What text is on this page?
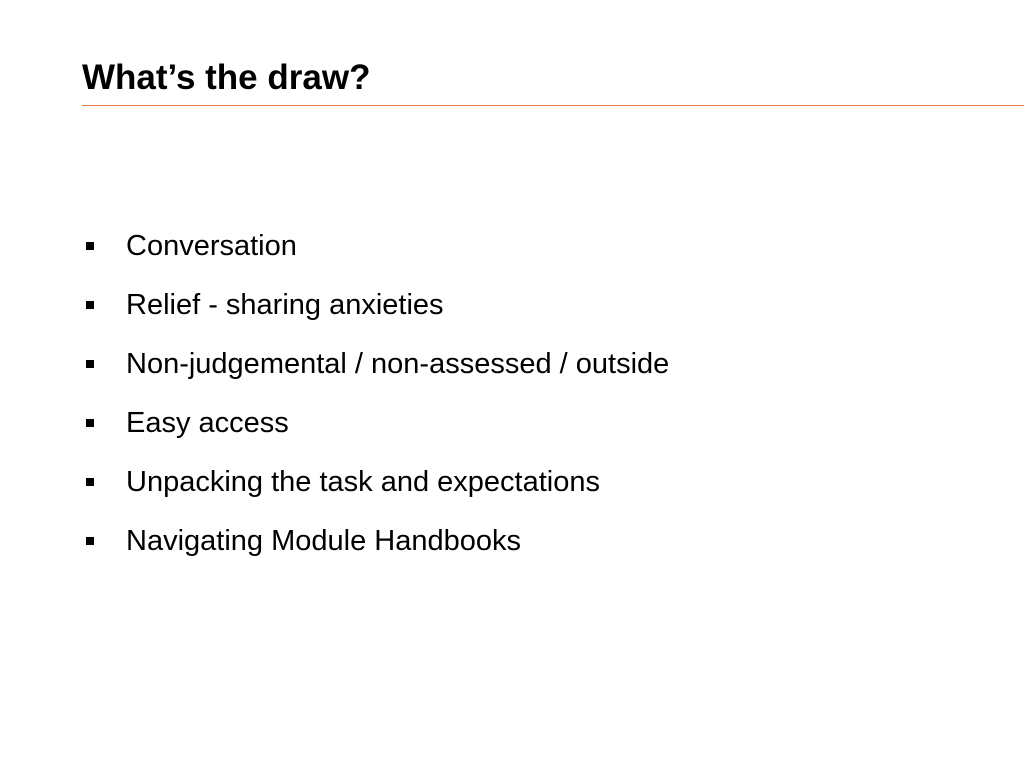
What’s the draw?
Conversation
Relief - sharing anxieties
Non-judgemental / non-assessed / outside
Easy access
Unpacking the task and expectations
Navigating Module Handbooks
